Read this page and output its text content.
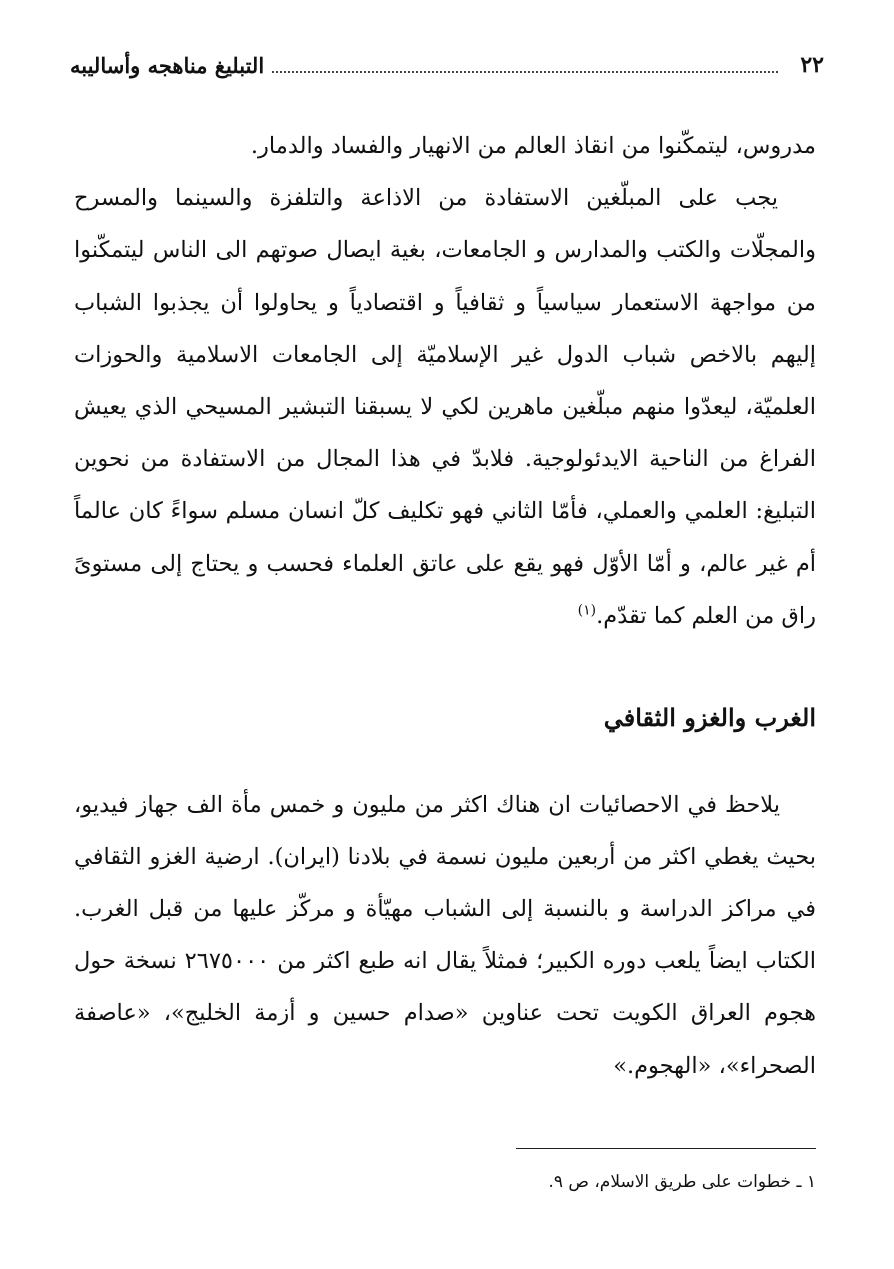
٢٢
التبليغ مناهجه وأساليبه

مدروس، ليتمكّنوا من انقاذ العالم من الانهيار والفساد والدمار.

يجب على المبلّغين الاستفادة من الاذاعة والتلفزة والسينما والمسرح والمجلّات والكتب والمدارس و الجامعات، بغية ايصال صوتهم الى الناس ليتمكّنوا من مواجهة الاستعمار سياسياً و ثقافياً و اقتصادياً و يحاولوا أن يجذبوا الشباب إليهم بالاخص شباب الدول غير الإسلاميّة إلى الجامعات الاسلامية والحوزات العلميّة، ليعدّوا منهم مبلّغين ماهرين لكي لا يسبقنا التبشير المسيحي الذي يعيش الفراغ من الناحية الايدئولوجية. فلابدّ في هذا المجال من الاستفادة من نحوين التبليغ: العلمي والعملي، فأمّا الثاني فهو تكليف كلّ انسان مسلم سواءً كان عالماً أم غير عالم، و أمّا الأوّل فهو يقع على عاتق العلماء فحسب و يحتاج إلى مستوىً راق من العلم كما تقدّم.$^{(١)}$

الغرب والغزو الثقافي

يلاحظ في الاحصائيات ان هناك اكثر من مليون و خمس مأة الف جهاز فيديو، بحيث يغطي اكثر من أربعين مليون نسمة في بلادنا (ايران). ارضية الغزو الثقافي في مراكز الدراسة و بالنسبة إلى الشباب مهيّأة و مركّز عليها من قبل الغرب. الكتاب ايضاً يلعب دوره الكبير؛ فمثلاً يقال انه طبع اكثر من ٢٦٧٥٠٠٠ نسخة حول هجوم العراق الكويت تحت عناوين «صدام حسين و أزمة الخليج»، «عاصفة الصحراء»، «الهجوم.»

١ ـ خطوات على طريق الاسلام، ص ٩.
